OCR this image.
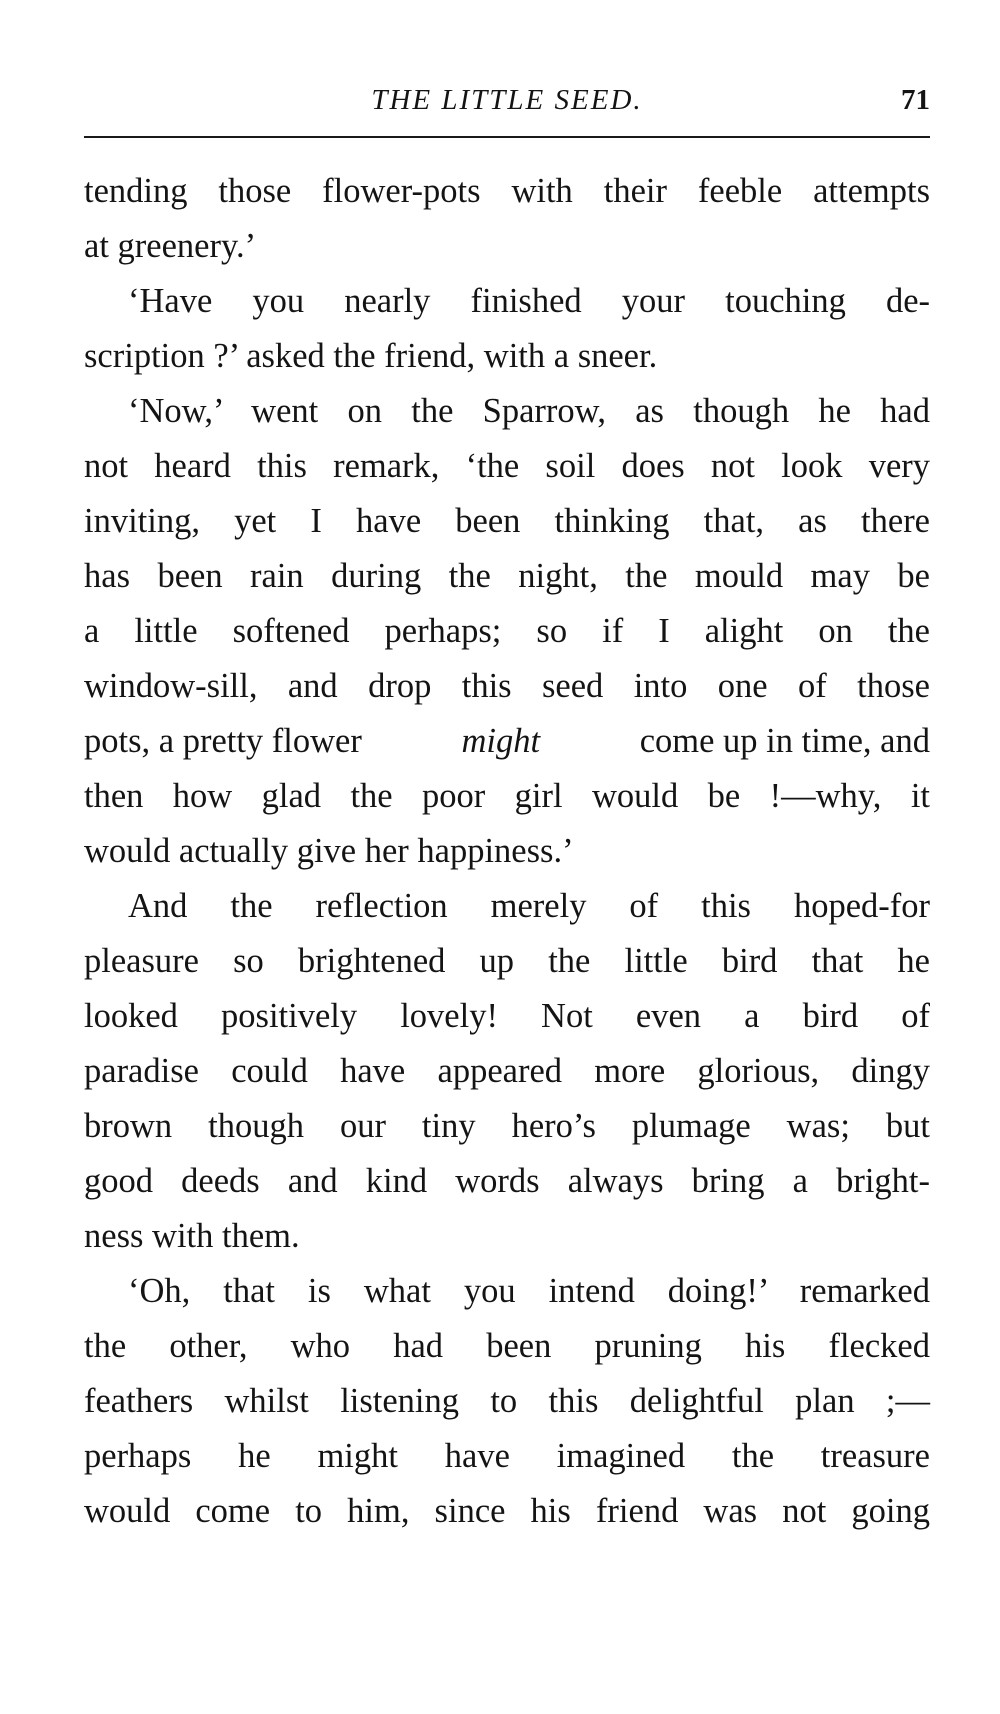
THE LITTLE SEED.	71
tending those flower-pots with their feeble attempts
at greenery.’
‘Have you nearly finished your touching de-
scription ?’ asked the friend, with a sneer.
‘Now,’ went on the Sparrow, as though he had
not heard this remark, ‘the soil does not look very
inviting, yet I have been thinking that, as there
has been rain during the night, the mould may be
a little softened perhaps; so if I alight on the
window-sill, and drop this seed into one of those
pots, a pretty flower	might	come up in time, and
then how glad the poor girl would be !—why, it
would actually give her happiness.’
And the reflection merely of this hoped-for
pleasure so brightened up the little bird that he
looked positively lovely! Not even a bird of
paradise could have appeared more glorious, dingy
brown though our tiny hero’s plumage was; but
good deeds and kind words always bring a bright-
ness with them.
‘Oh, that is what you intend doing!’ remarked
the other, who had been pruning his flecked
feathers whilst listening to this delightful plan ;—
perhaps he might have imagined the treasure
would come to him, since his friend was not going
